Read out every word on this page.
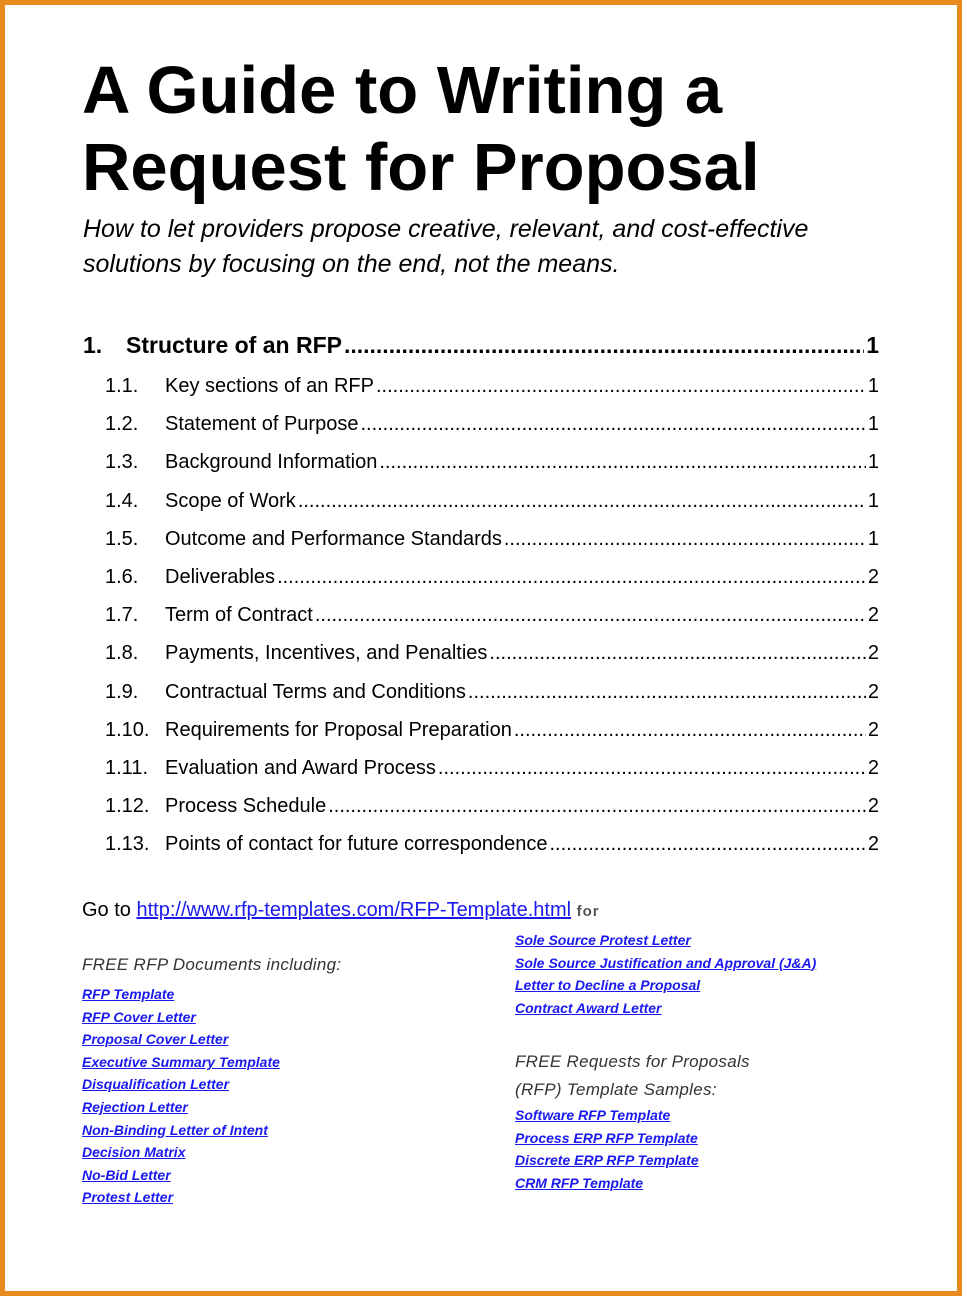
A Guide to Writing a Request for Proposal

How to let providers propose creative, relevant, and cost-effective solutions by focusing on the end, not the means.

1.	Structure of an RFP .....	1
1.1.	Key sections of an RFP .....	1
1.2.	Statement of Purpose .....	1
1.3.	Background Information .....	1
1.4.	Scope of Work .....	1
1.5.	Outcome and Performance Standards .....	1
1.6.	Deliverables .....	2
1.7.	Term of Contract .....	2
1.8.	Payments, Incentives, and Penalties .....	2
1.9.	Contractual Terms and Conditions .....	2
1.10. Requirements for Proposal Preparation .....	2
1.11. Evaluation and Award Process .....	2
1.12. Process Schedule .....	2
1.13. Points of contact for future correspondence .....	2
Go to http://www.rfp-templates.com/RFP-Template.html for
FREE RFP Documents including:
RFP Template
RFP Cover Letter
Proposal Cover Letter
Executive Summary Template
Disqualification Letter
Rejection Letter
Non-Binding Letter of Intent
Decision Matrix
No-Bid Letter
Protest Letter
Sole Source Protest Letter
Sole Source Justification and Approval (J&A)
Letter to Decline a Proposal
Contract Award Letter
FREE Requests for Proposals
(RFP) Template Samples:
Software RFP Template
Process ERP RFP Template
Discrete ERP RFP Template
CRM RFP Template
